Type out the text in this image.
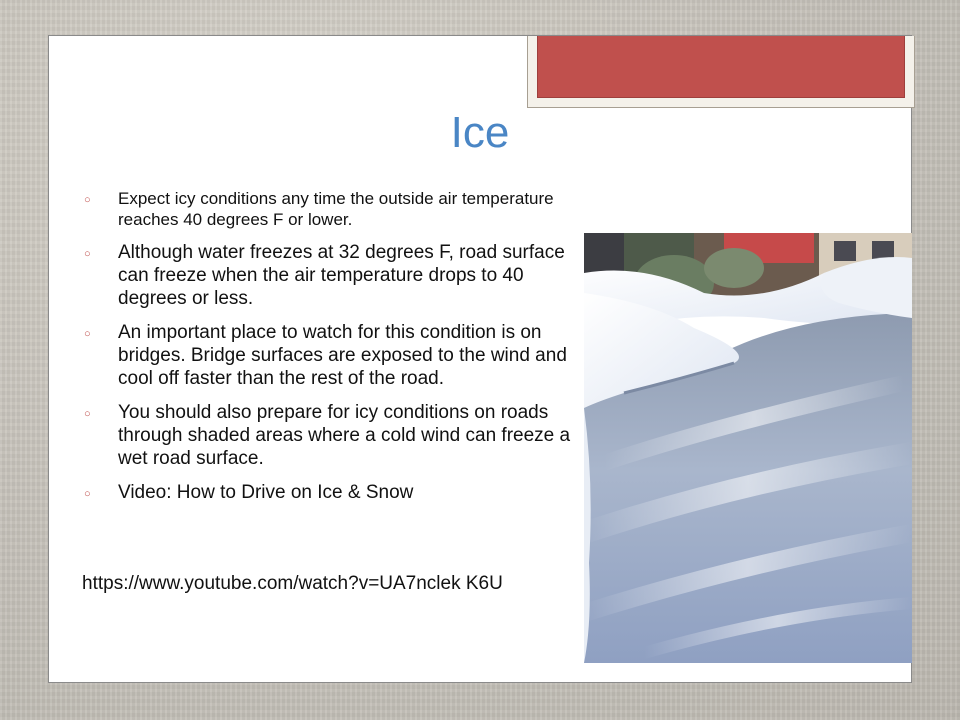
Ice
○ Expect icy conditions any time the outside air temperature reaches 40 degrees F or lower.
○ Although water freezes at 32 degrees F, road surface can freeze when the air temperature drops to 40 degrees or less.
○ An important place to watch for this condition is on bridges. Bridge surfaces are exposed to the wind and cool off faster than the rest of the road.
○ You should also prepare for icy conditions on roads through shaded areas where a cold wind can freeze a wet road surface.
○ Video: How to Drive on Ice & Snow

https://www.youtube.com/watch?v=UA7nclek K6U
